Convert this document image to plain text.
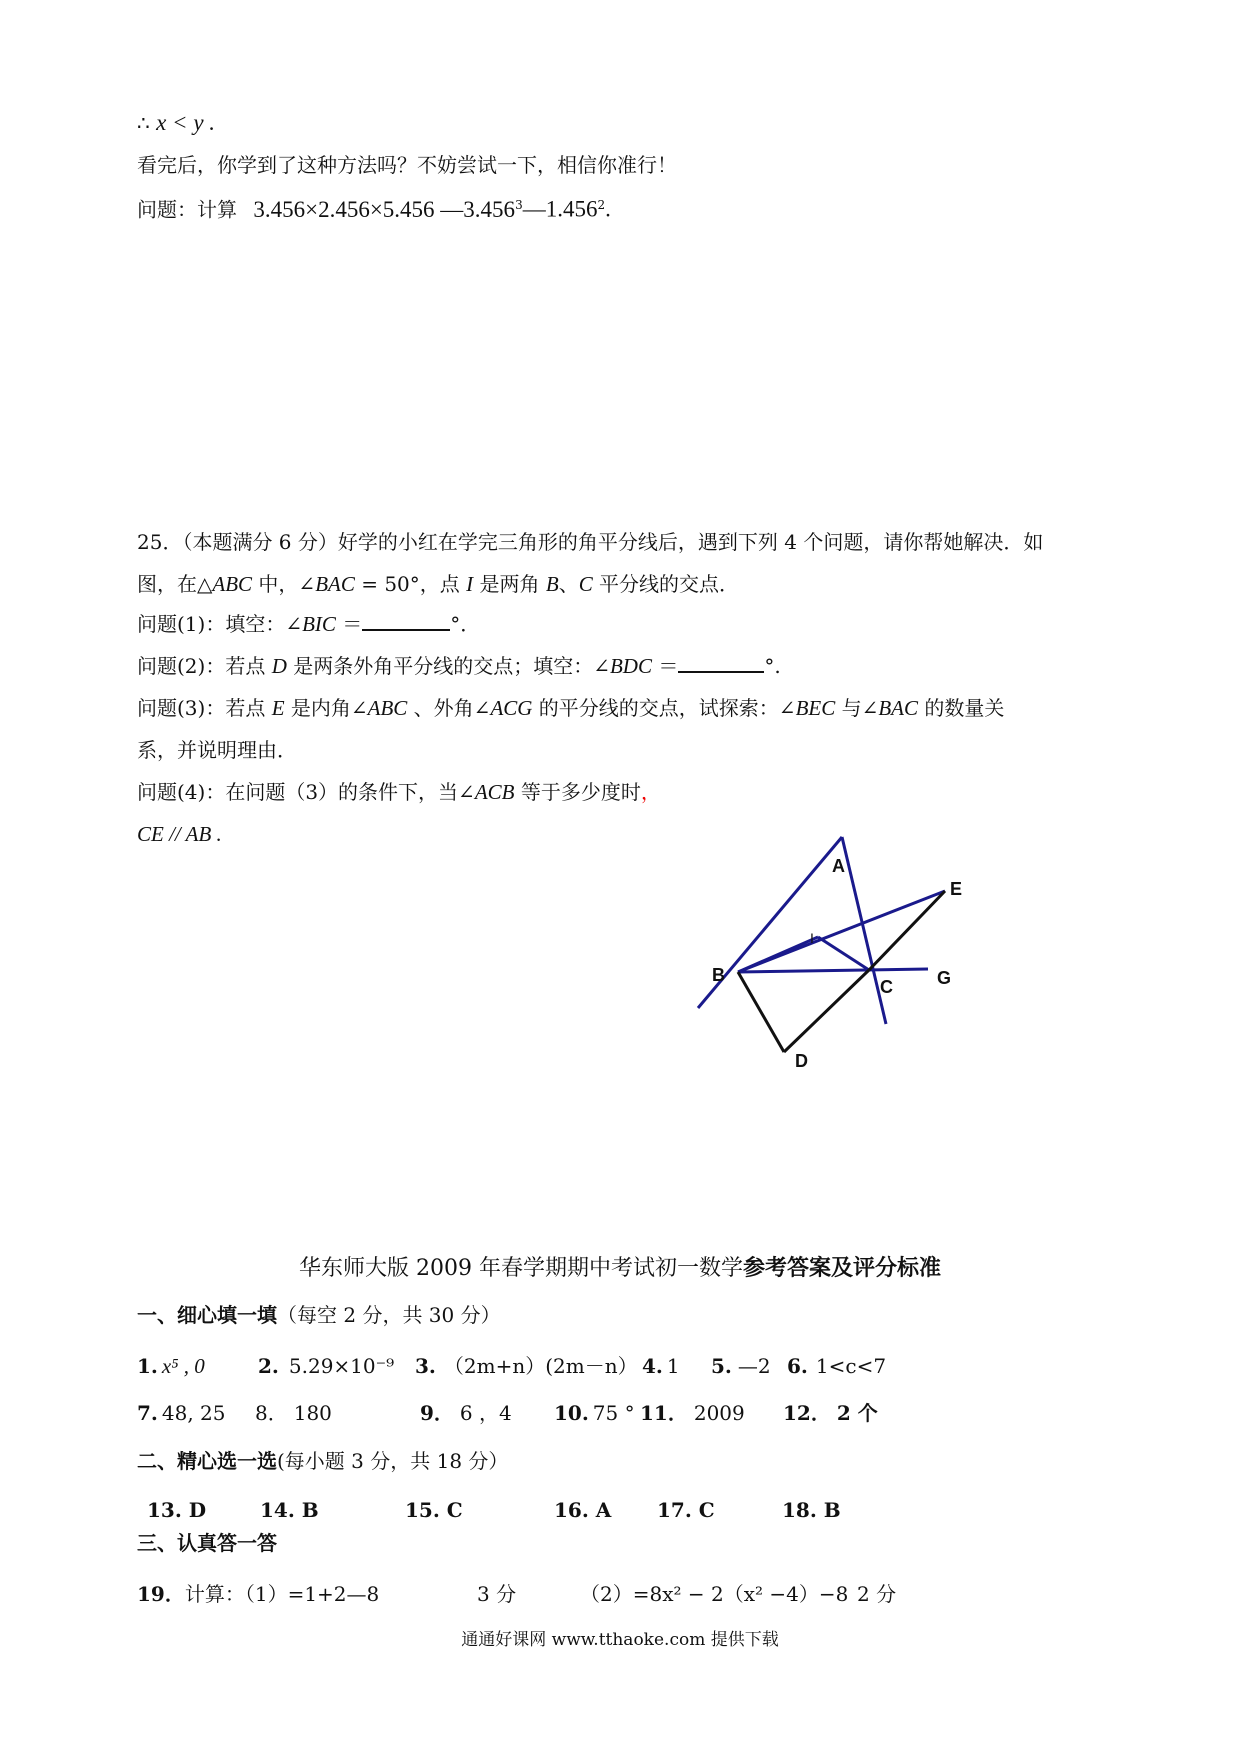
∴ x < y .
看完后，你学到了这种方法吗？不妨尝试一下，相信你准行！
问题：计算 3.456×2.456×5.456 —3.456$^3$—1.456$^2$.
25．（本题满分 6 分）好学的小红在学完三角形的角平分线后，遇到下列 4 个问题，请你帮她解决．如
图，在△ABC 中，∠BAC = 50°，点 I 是两角 B、C 平分线的交点．
问题(1)：填空：∠BIC ＝	°．
问题(2)：若点 D 是两条外角平分线的交点；填空：∠BDC ＝	°.
问题(3)：若点 E 是内角∠ABC 、外角∠ACG 的平分线的交点，试探索：∠BEC 与∠BAC 的数量关
系，并说明理由．
问题(4)：在问题（3）的条件下，当∠ACB 等于多少度时，
CE // AB .
A
E
I
B
C G
D
华东师大版 2009 年春学期期中考试初一数学参考答案及评分标准
一、细心填一填（每空 2 分，共 30 分）
1. x⁵ , 0	2. 5.29×10⁻⁹ 3. （2m+n）(2m－n） 4. 1 5. —2 6. 1<c<7
7. 48, 25 8． 180	9． 6 ，4 10. 75 ° 11． 2009 12． 2 个
二、精心选一选(每小题 3 分，共 18 分）
13. D	14. B	15. C	16. A 17. C	18. B
三、认真答一答
19．计算：（1）=1+2—8	3 分	（2）=8x² − 2（x² −4）−8 2 分
通通好课网 www.tthaoke.com 提供下载
